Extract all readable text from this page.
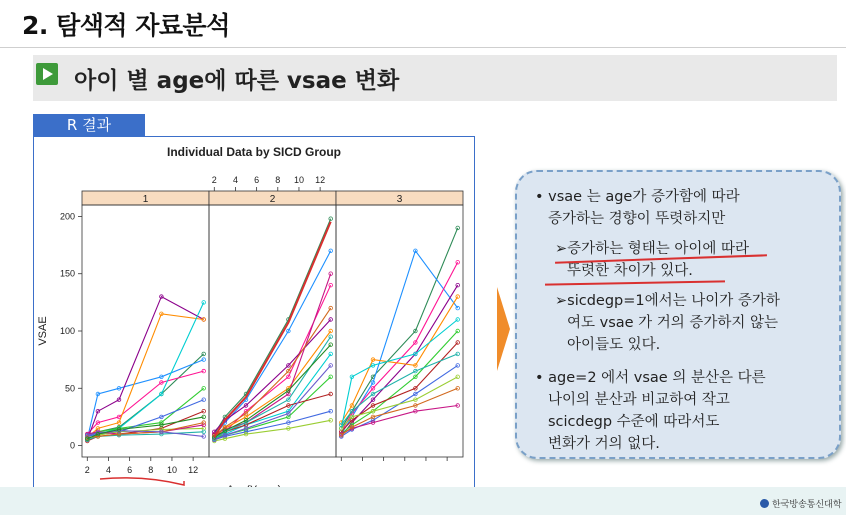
2. 탐색적 자료분석
아이 별 age에 따른 vsae 변화
R 결과
Individual Data by SICD Group
1
2 4 6 8 10 12
2
2 4 6 8 10 12
3
0
50
100
150
200
VSAE
• vsae 는 age가 증가함에 따라
증가하는 경향이 뚜렷하지만
➢증가하는 형태는 아이에 따라
뚜렷한 차이가 있다.
➢sicdegp=1에서는 나이가 증가하
여도 vsae 가 거의 증가하지 않는
아이들도 있다.
• age=2 에서 vsae 의 분산은 다른
나이의 분산과 비교하여 작고
scicdegp 수준에 따라서도
변화가 거의 없다.
한국방송통신대학
